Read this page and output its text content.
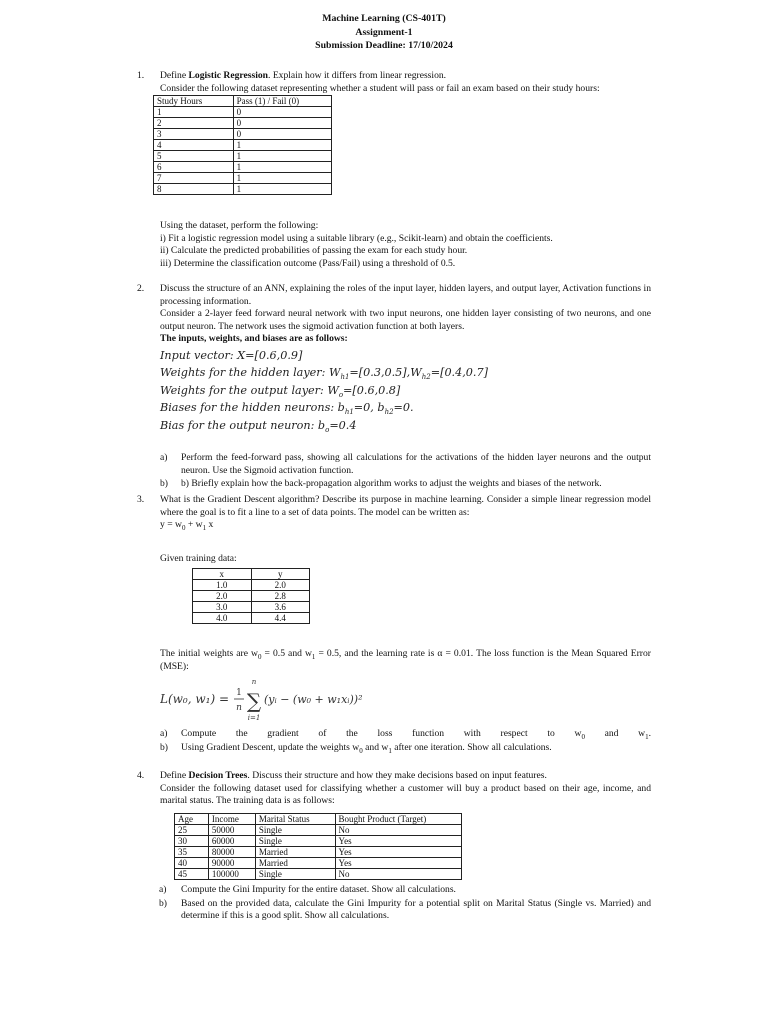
Machine Learning (CS-401T)
Assignment-1
Submission Deadline: 17/10/2024
1. Define Logistic Regression. Explain how it differs from linear regression.

Consider the following dataset representing whether a student will pass or fail an exam based on their study hours:

Study Hours	Pass (1) / Fail (0)
1	0
2	0
3	0
4	1
5	1
6	1
7	1
8	1

Using the dataset, perform the following:

i) Fit a logistic regression model using a suitable library (e.g., Scikit-learn) and obtain the coefficients.

ii) Calculate the predicted probabilities of passing the exam for each study hour.

iii) Determine the classification outcome (Pass/Fail) using a threshold of 0.5.

2. Discuss the structure of an ANN, explaining the roles of the input layer, hidden layers, and output layer, Activation functions in processing information.

Consider a 2-layer feed forward neural network with two input neurons, one hidden layer consisting of two neurons, and one output neuron. The network uses the sigmoid activation function at both layers.

The inputs, weights, and biases are as follows:

Input vector: X=[0.6,0.9]
Weights for the hidden layer: $W_{h1}=[0.3,0.5],W_{h2}=[0.4,0.7]$
Weights for the output layer: $W_o=[0.6,0.8]$
Biases for the hidden neurons: $b_{h1}=0$, $b_{h2}=0$.
Bias for the output neuron: $b_o=0.4$
a) Perform the feed-forward pass, showing all calculations for the activations of the hidden layer neurons and the output neuron. Use the Sigmoid activation function.
b) b) Briefly explain how the back-propagation algorithm works to adjust the weights and biases of the network.
3. What is the Gradient Descent algorithm? Describe its purpose in machine learning. Consider a simple linear regression model where the goal is to fit a line to a set of data points. The model can be written as:

$y = w_0 + w_1$ x

Given training data:

x	y
1.0	2.0
2.0	2.8
3.0	3.6
4.0	4.4

The initial weights are $w_0 = 0.5$ and $w_1 = 0.5$, and the learning rate is α = 0.01. The loss function is the Mean Squared Error (MSE):

L(w₀, w₁) = 1
n
n
∑
i=1
(yᵢ − (w₀ + w₁xᵢ))²
a) Compute the gradient of the loss function with respect to $w_0$ and $w_1$.
b) Using Gradient Descent, update the weights $w_0$ and $w_1$ after one iteration. Show all calculations.
4. Define Decision Trees. Discuss their structure and how they make decisions based on input features.

Consider the following dataset used for classifying whether a customer will buy a product based on their age, income, and marital status. The training data is as follows:

Age	Income	Marital Status	Bought Product (Target)
25	50000	Single	No
30	60000	Single	Yes
35	80000	Married	Yes
40	90000	Married	Yes
45	100000	Single	No
a) Compute the Gini Impurity for the entire dataset. Show all calculations.
b) Based on the provided data, calculate the Gini Impurity for a potential split on Marital Status (Single vs. Married) and determine if this is a good split. Show all calculations.
